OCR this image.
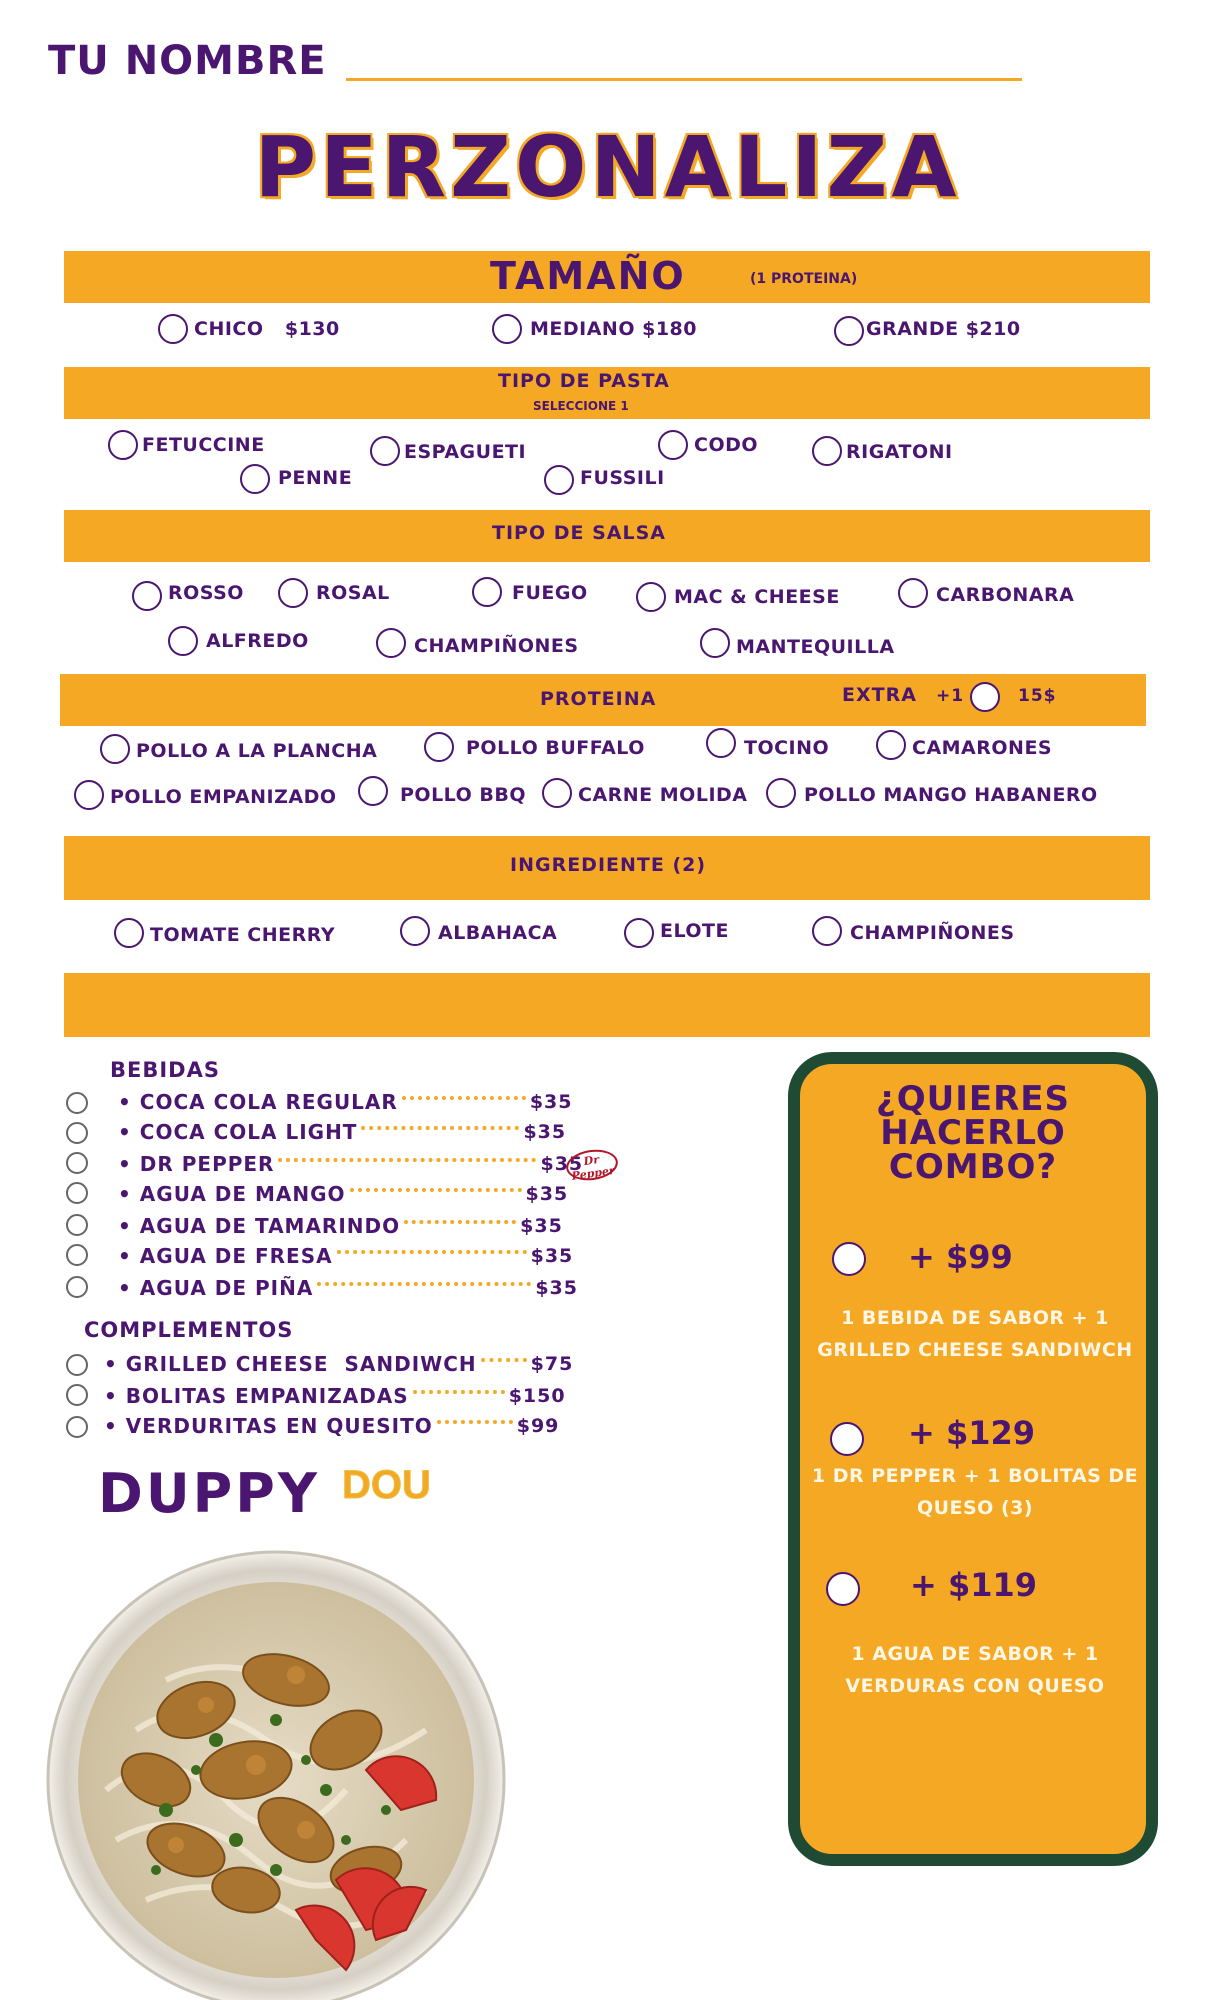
TU NOMBRE
PERZONALIZA
TAMAÑO	(1 PROTEINA)
CHICO   $130	MEDIANO $180	GRANDE $210
TIPO DE PASTA
SELECCIONE 1
FETUCCINE	ESPAGUETI	CODO	RIGATONI
PENNE	FUSSILI
TIPO DE SALSA
ROSSO	ROSAL	FUEGO	MAC & CHEESE	CARBONARA
ALFREDO	CHAMPIÑONES	MANTEQUILLA
PROTEINA	EXTRA +1	15$
POLLO A LA PLANCHA	POLLO BUFFALO	TOCINO	CAMARONES
POLLO EMPANIZADO	POLLO BBQ	CARNE MOLIDA	POLLO MANGO HABANERO
INGREDIENTE (2)
TOMATE CHERRY	ALBAHACA	ELOTE	CHAMPIÑONES
BEBIDAS
• COCA COLA REGULAR	$35
• COCA COLA LIGHT	$35
• DR PEPPER	$35
• AGUA DE MANGO	$35
• AGUA DE TAMARINDO	$35
• AGUA DE FRESA	$35
• AGUA DE PIÑA	$35
Dr Pepper
COMPLEMENTOS
• GRILLED CHEESE  SANDIWCH	$75
• BOLITAS EMPANIZADAS	$150
• VERDURITAS EN QUESITO	$99
DUPPY DOU
¿QUIERES HACERLO COMBO?
+ $99
1 BEBIDA DE SABOR + 1 GRILLED CHEESE SANDIWCH
+ $129
1 DR PEPPER + 1 BOLITAS DE QUESO (3)
+ $119
1 AGUA DE SABOR + 1 VERDURAS CON QUESO
